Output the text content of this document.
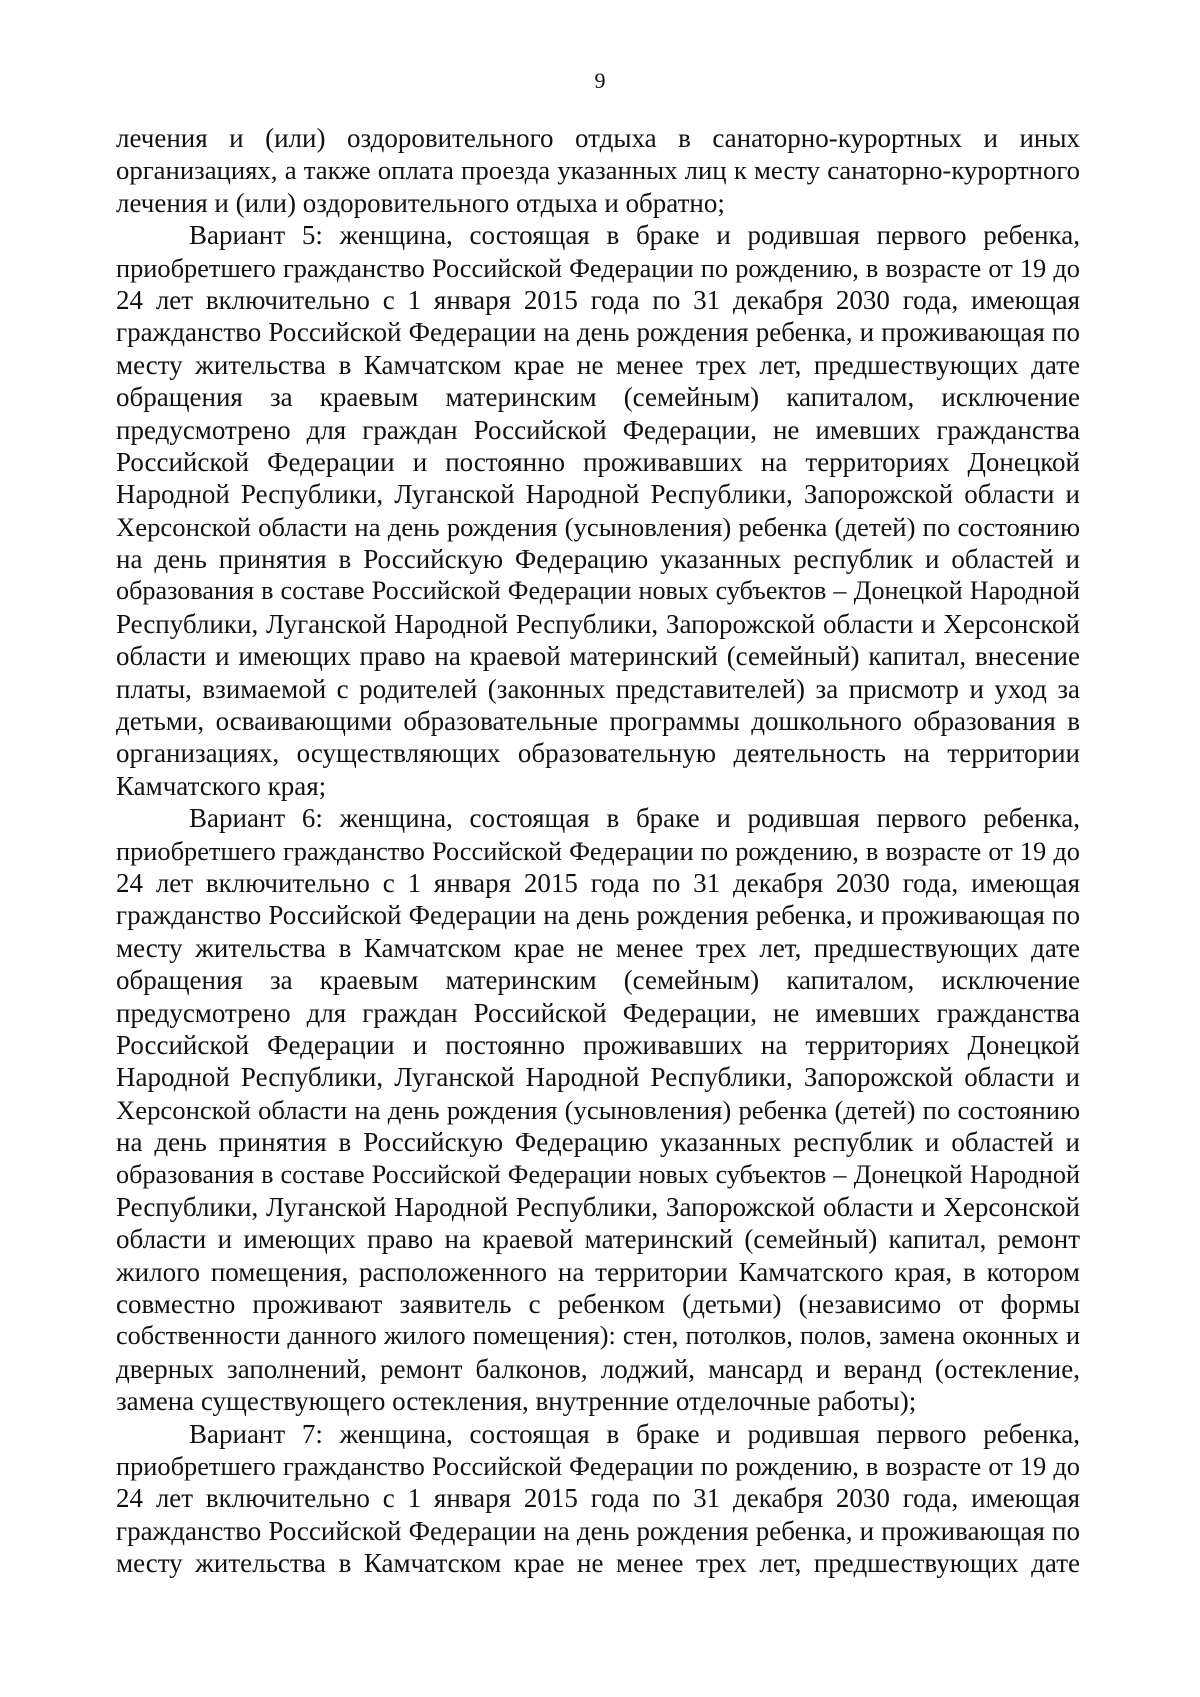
9
лечения и (или) оздоровительного отдыха в санаторно-курортных и иных
организациях, а также оплата проезда указанных лиц к месту санаторно-курортного
лечения и (или) оздоровительного отдыха и обратно;
Вариант 5: женщина, состоящая в браке и родившая первого ребенка,
приобретшего гражданство Российской Федерации по рождению, в возрасте от 19 до
24 лет включительно с 1 января 2015 года по 31 декабря 2030 года, имеющая
гражданство Российской Федерации на день рождения ребенка, и проживающая по
месту жительства в Камчатском крае не менее трех лет, предшествующих дате
обращения за краевым материнским (семейным) капиталом, исключение
предусмотрено для граждан Российской Федерации, не имевших гражданства
Российской Федерации и постоянно проживавших на территориях Донецкой
Народной Республики, Луганской Народной Республики, Запорожской области и
Херсонской области на день рождения (усыновления) ребенка (детей) по состоянию
на день принятия в Российскую Федерацию указанных республик и областей и
образования в составе Российской Федерации новых субъектов – Донецкой Народной
Республики, Луганской Народной Республики, Запорожской области и Херсонской
области и имеющих право на краевой материнский (семейный) капитал, внесение
платы, взимаемой с родителей (законных представителей) за присмотр и уход за
детьми, осваивающими образовательные программы дошкольного образования в
организациях, осуществляющих образовательную деятельность на территории
Камчатского края;
Вариант 6: женщина, состоящая в браке и родившая первого ребенка,
приобретшего гражданство Российской Федерации по рождению, в возрасте от 19 до
24 лет включительно с 1 января 2015 года по 31 декабря 2030 года, имеющая
гражданство Российской Федерации на день рождения ребенка, и проживающая по
месту жительства в Камчатском крае не менее трех лет, предшествующих дате
обращения за краевым материнским (семейным) капиталом, исключение
предусмотрено для граждан Российской Федерации, не имевших гражданства
Российской Федерации и постоянно проживавших на территориях Донецкой
Народной Республики, Луганской Народной Республики, Запорожской области и
Херсонской области на день рождения (усыновления) ребенка (детей) по состоянию
на день принятия в Российскую Федерацию указанных республик и областей и
образования в составе Российской Федерации новых субъектов – Донецкой Народной
Республики, Луганской Народной Республики, Запорожской области и Херсонской
области и имеющих право на краевой материнский (семейный) капитал, ремонт
жилого помещения, расположенного на территории Камчатского края, в котором
совместно проживают заявитель с ребенком (детьми) (независимо от формы
собственности данного жилого помещения): стен, потолков, полов, замена оконных и
дверных заполнений, ремонт балконов, лоджий, мансард и веранд (остекление,
замена существующего остекления, внутренние отделочные работы);
Вариант 7: женщина, состоящая в браке и родившая первого ребенка,
приобретшего гражданство Российской Федерации по рождению, в возрасте от 19 до
24 лет включительно с 1 января 2015 года по 31 декабря 2030 года, имеющая
гражданство Российской Федерации на день рождения ребенка, и проживающая по
месту жительства в Камчатском крае не менее трех лет, предшествующих дате
